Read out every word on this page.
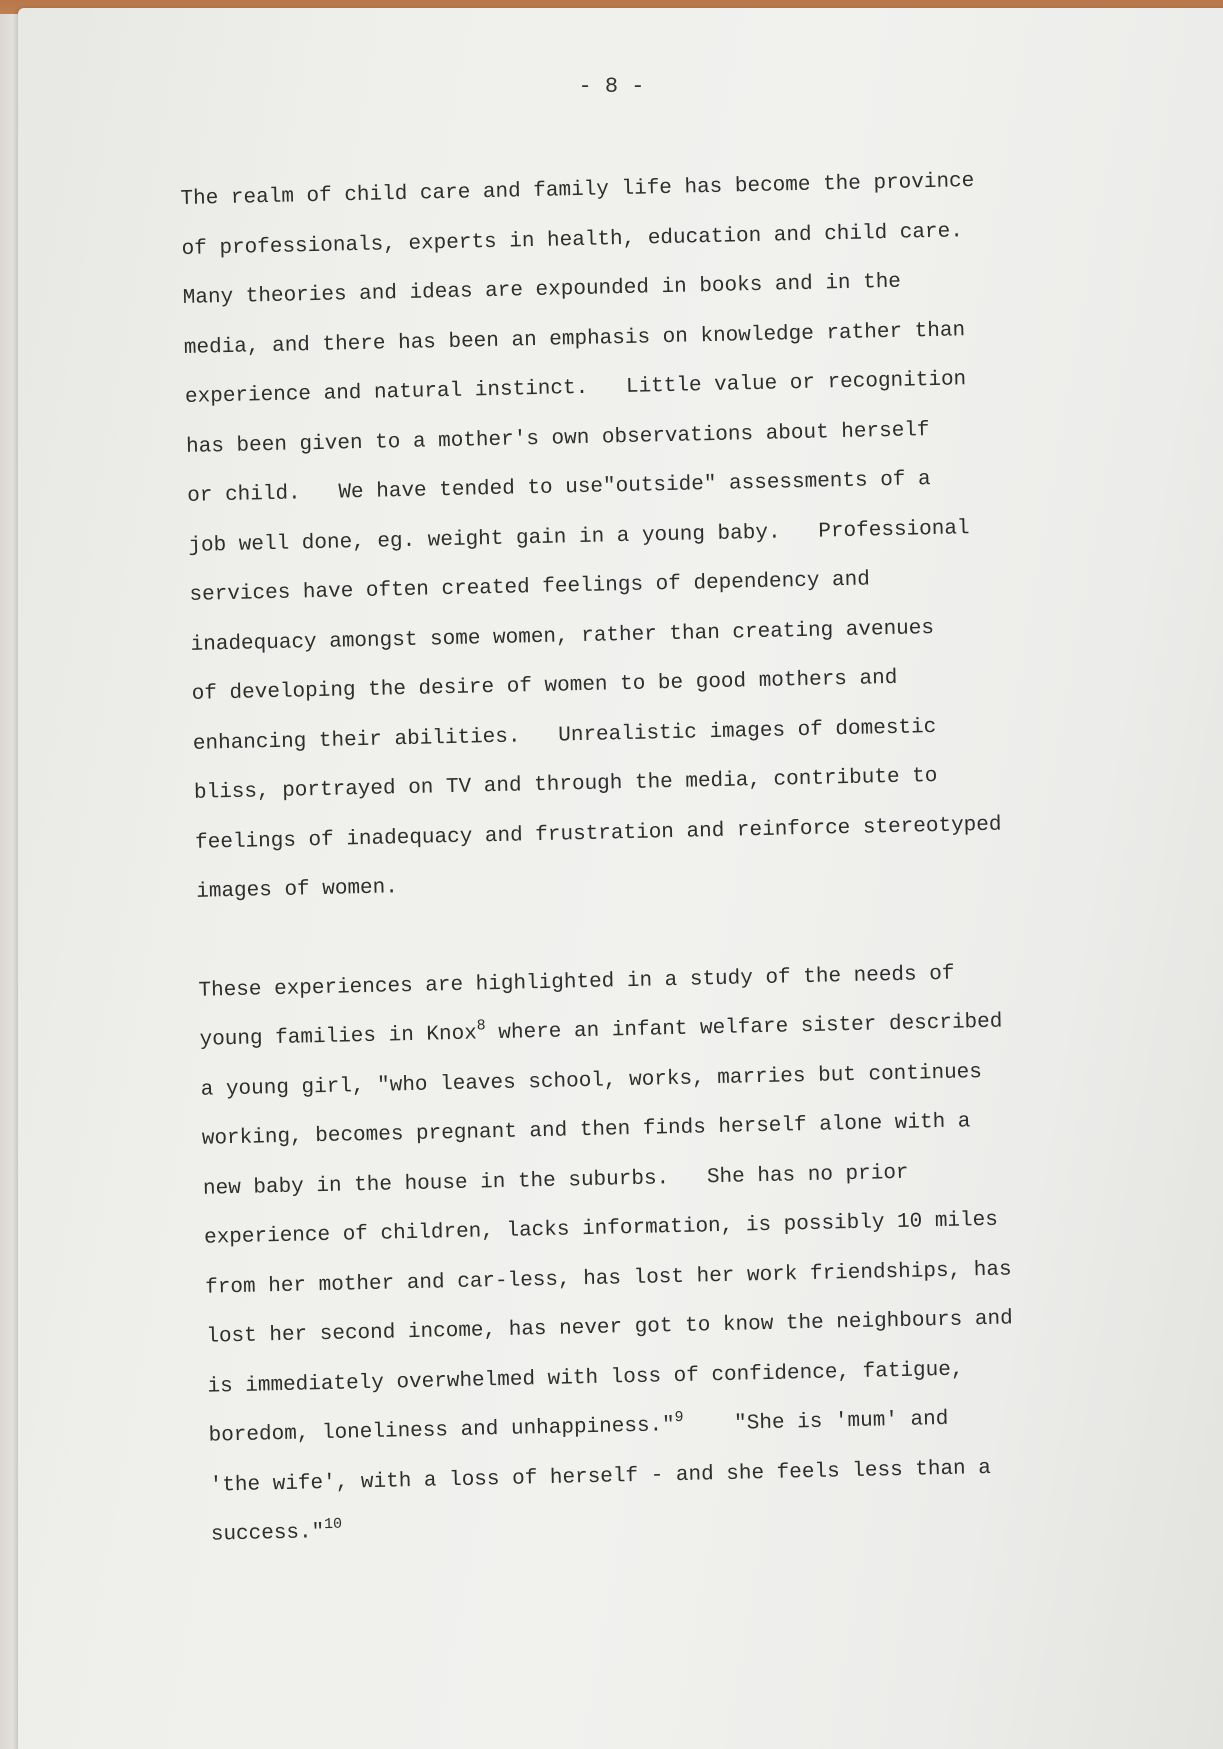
- 8 -
The realm of child care and family life has become the province
of professionals, experts in health, education and child care.
Many theories and ideas are expounded in books and in the
media, and there has been an emphasis on knowledge rather than
experience and natural instinct.   Little value or recognition
has been given to a mother's own observations about herself
or child.   We have tended to use"outside" assessments of a
job well done, eg. weight gain in a young baby.   Professional
services have often created feelings of dependency and
inadequacy amongst some women, rather than creating avenues
of developing the desire of women to be good mothers and
enhancing their abilities.   Unrealistic images of domestic
bliss, portrayed on TV and through the media, contribute to
feelings of inadequacy and frustration and reinforce stereotyped
images of women.
These experiences are highlighted in a study of the needs of
young families in Knox$^8$ where an infant welfare sister described
a young girl, "who leaves school, works, marries but continues
working, becomes pregnant and then finds herself alone with a
new baby in the house in the suburbs.   She has no prior
experience of children, lacks information, is possibly 10 miles
from her mother and car-less, has lost her work friendships, has
lost her second income, has never got to know the neighbours and
is immediately overwhelmed with loss of confidence, fatigue,
boredom, loneliness and unhappiness."$^9$    "She is 'mum' and
'the wife', with a loss of herself - and she feels less than a
success."$^{10}$
